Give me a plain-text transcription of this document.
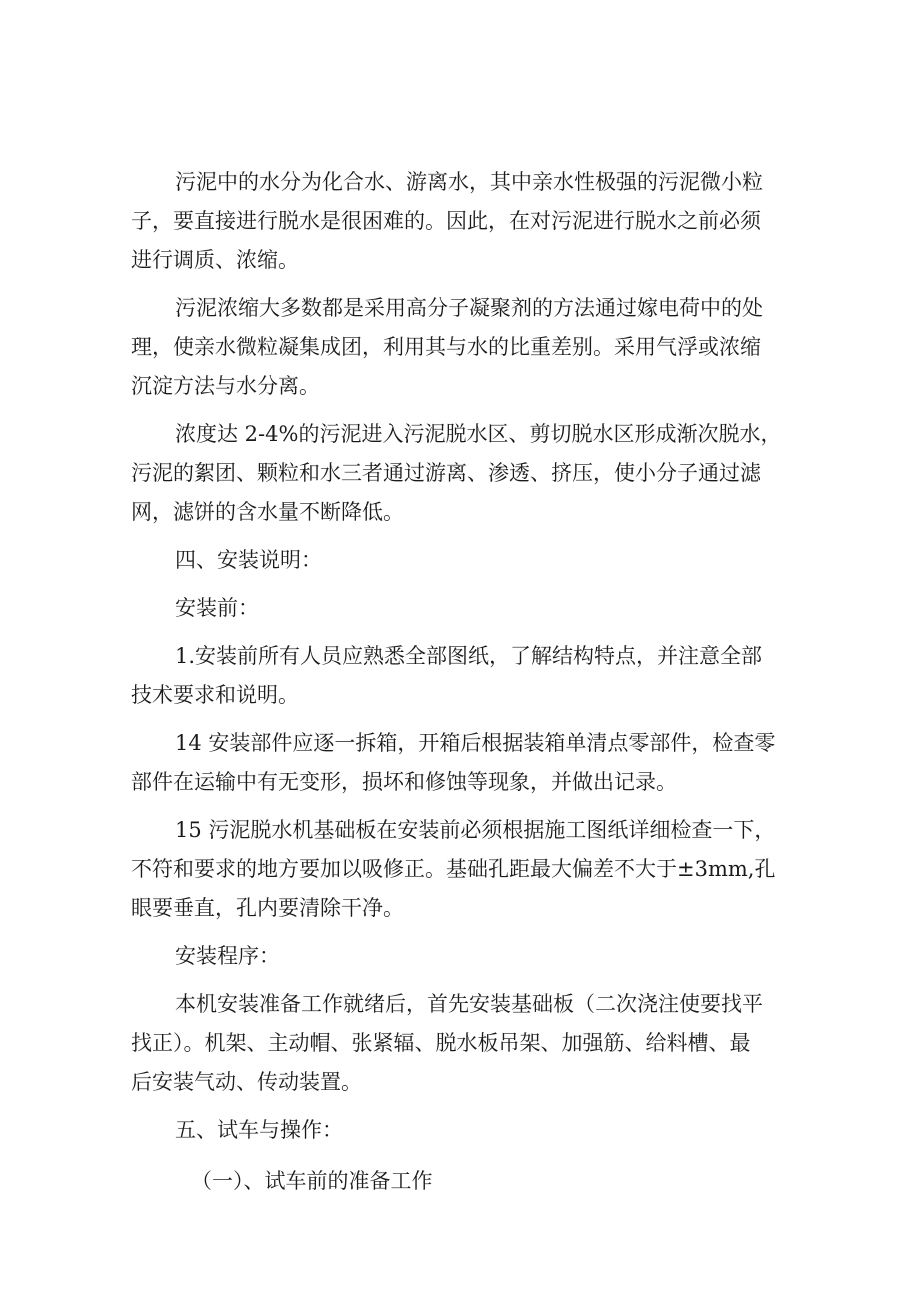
污泥中的水分为化合水、游离水，其中亲水性极强的污泥微小粒
子，要直接进行脱水是很困难的。因此，在对污泥进行脱水之前必须
进行调质、浓缩。
污泥浓缩大多数都是采用高分子凝聚剂的方法通过嫁电荷中的处
理，使亲水微粒凝集成团，利用其与水的比重差别。采用气浮或浓缩
沉淀方法与水分离。
浓度达 2-4%的污泥进入污泥脱水区、剪切脱水区形成渐次脱水，
污泥的絮团、颗粒和水三者通过游离、渗透、挤压，使小分子通过滤
网，滤饼的含水量不断降低。
四、安装说明：
安装前：
1.安装前所有人员应熟悉全部图纸，了解结构特点，并注意全部
技术要求和说明。
14 安装部件应逐一拆箱，开箱后根据装箱单清点零部件，检查零
部件在运输中有无变形，损坏和修蚀等现象，并做出记录。
15 污泥脱水机基础板在安装前必须根据施工图纸详细检查一下，
不符和要求的地方要加以吸修正。基础孔距最大偏差不大于±3mm,孔
眼要垂直，孔内要清除干净。
安装程序：
本机安装准备工作就绪后，首先安装基础板（二次浇注使要找平
找正）。机架、主动帽、张紧辐、脱水板吊架、加强筋、给料槽、最
后安装气动、传动装置。
五、试车与操作：

（一）、试车前的准备工作
